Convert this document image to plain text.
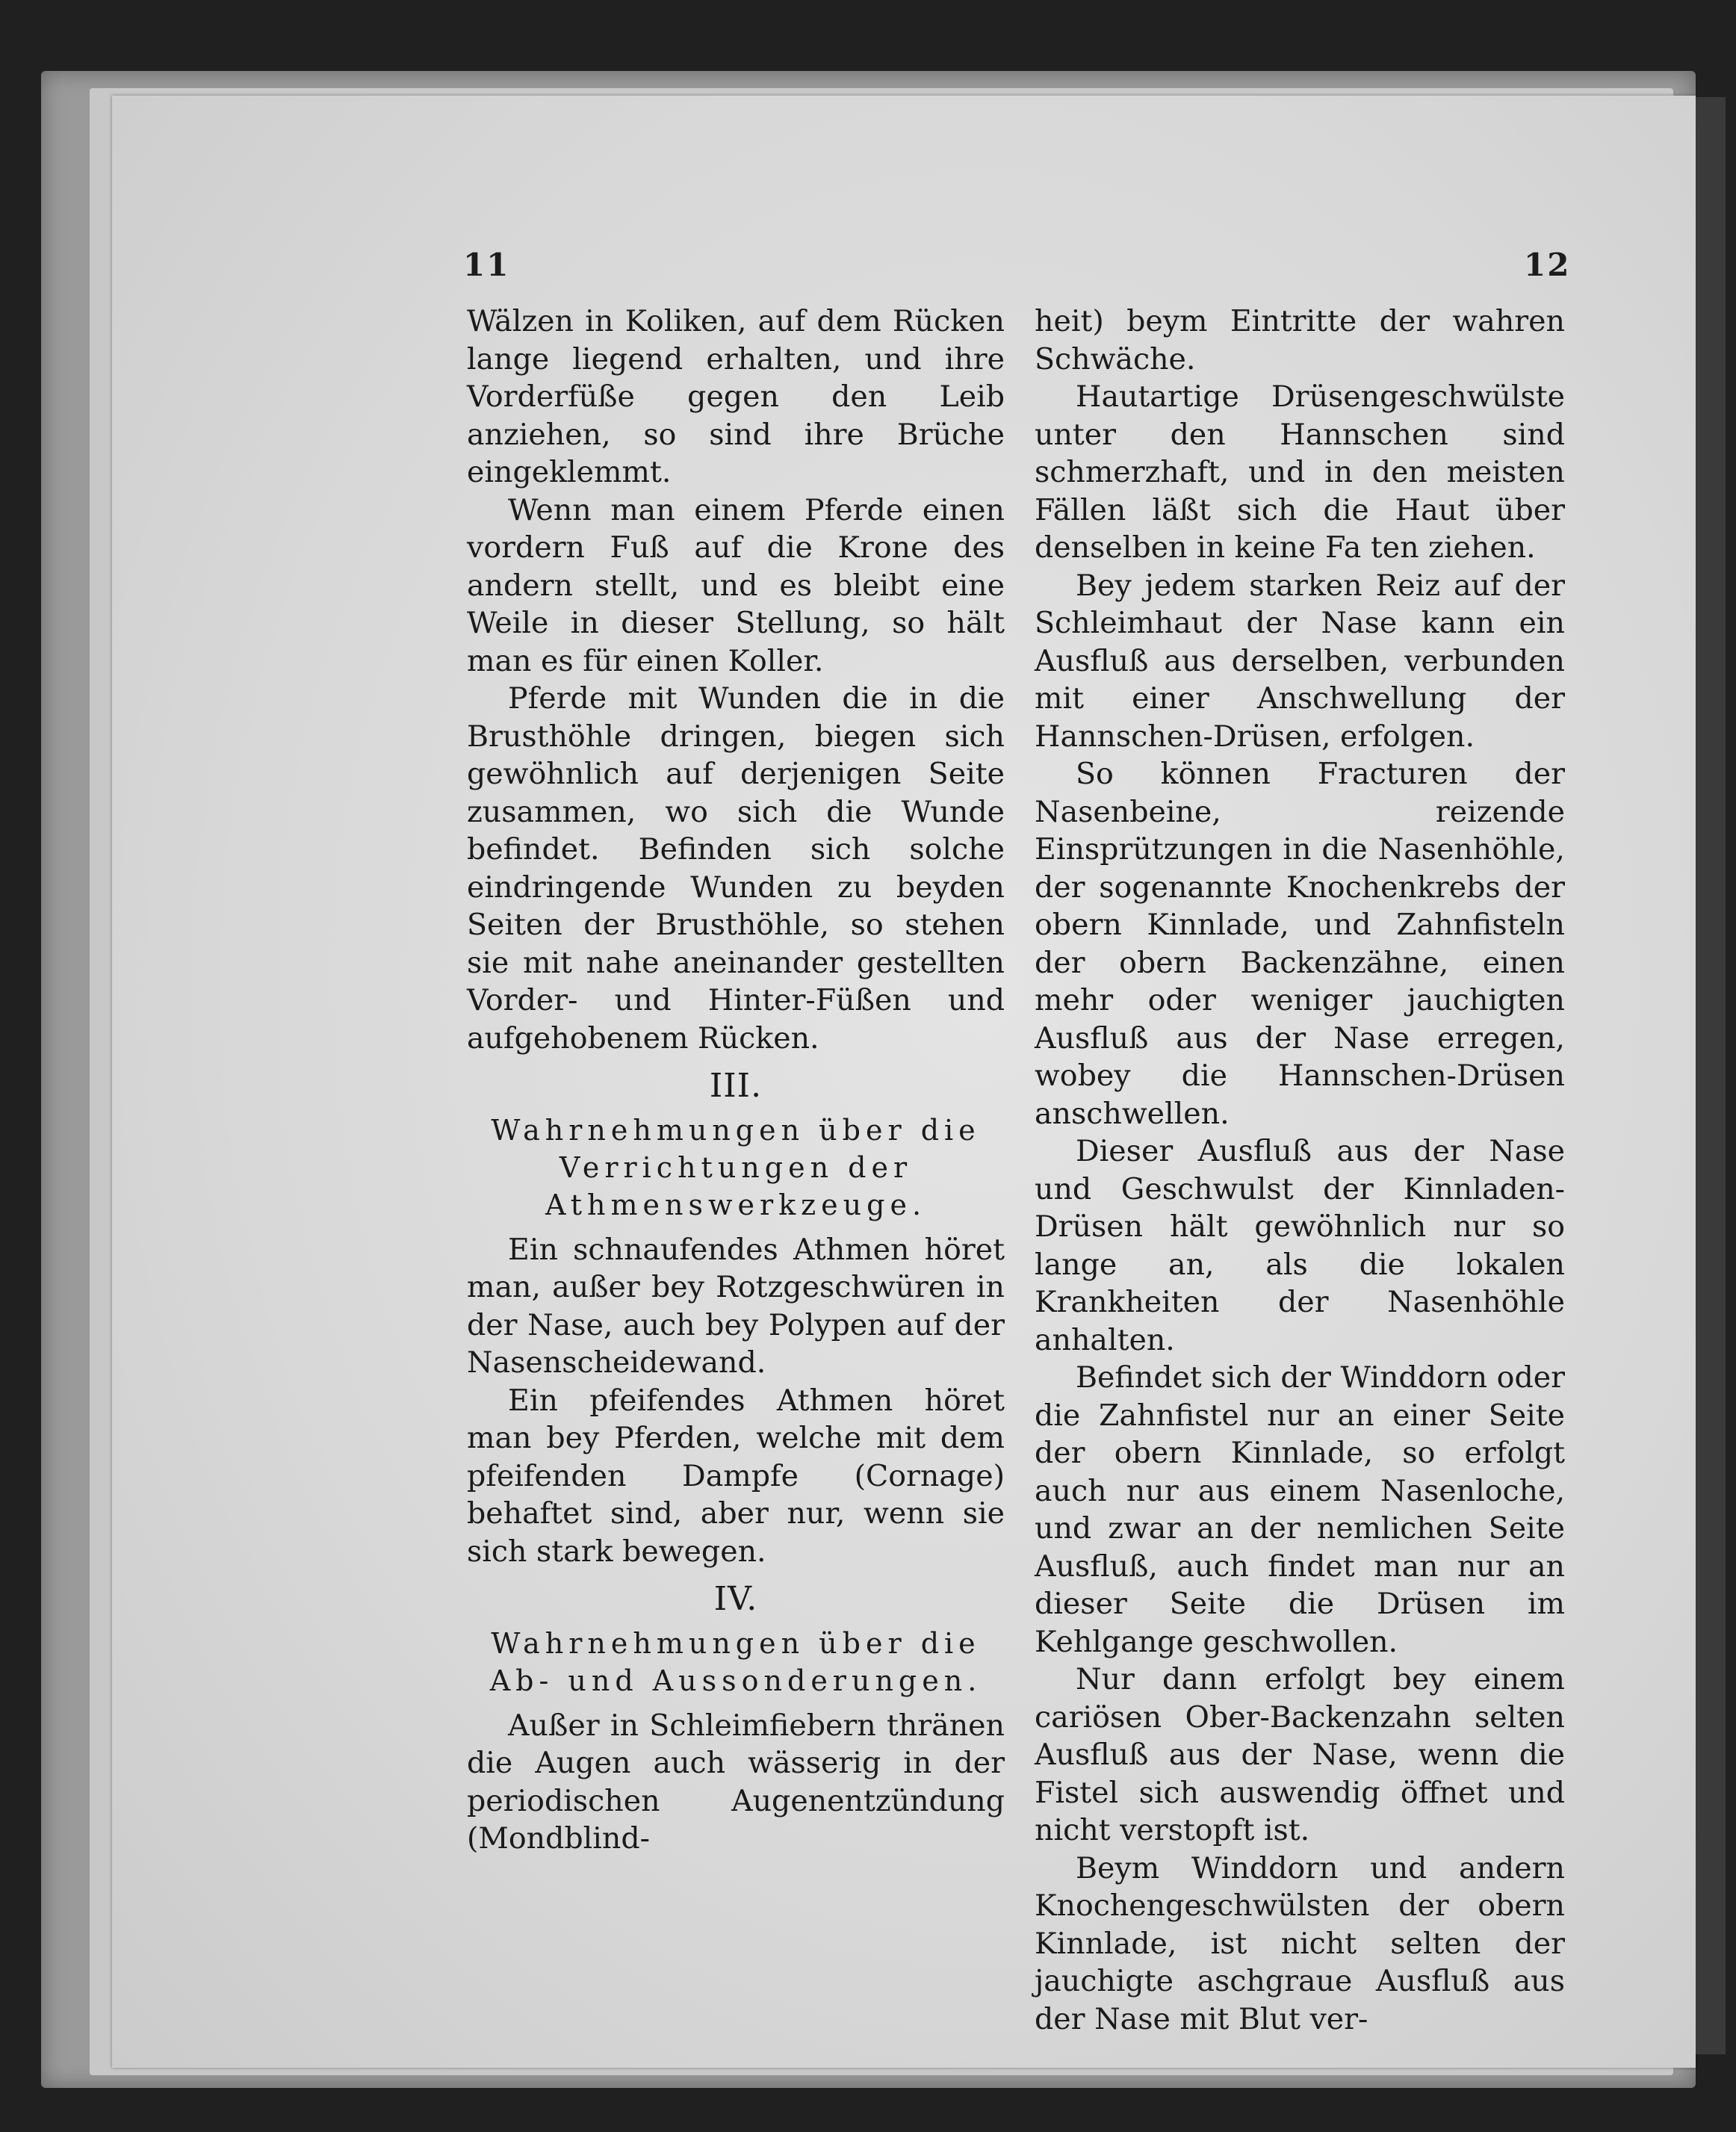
11	12
Wälzen in Koliken, auf dem Rücken lange liegend erhalten, und ihre Vorderfüße gegen den Leib anziehen, so sind ihre Brüche eingeklemmt.
Wenn man einem Pferde einen vordern Fuß auf die Krone des andern stellt, und es bleibt eine Weile in dieser Stellung, so hält man es für einen Koller.
Pferde mit Wunden die in die Brusthöhle dringen, biegen sich gewöhnlich auf derjenigen Seite zusammen, wo sich die Wunde befindet. Befinden sich solche eindringende Wunden zu beyden Seiten der Brusthöhle, so stehen sie mit nahe aneinander gestellten Vorder- und Hinter-Füßen und aufgehobenem Rücken.
III.
Wahrnehmungen über die Verrichtungen der Athmenswerkzeuge.
Ein schnaufendes Athmen höret man, außer bey Rotzgeschwüren in der Nase, auch bey Polypen auf der Nasenscheidewand.
Ein pfeifendes Athmen höret man bey Pferden, welche mit dem pfeifenden Dampfe (Cornage) behaftet sind, aber nur, wenn sie sich stark bewegen.
IV.
Wahrnehmungen über die Ab- und Aussonderungen.
Außer in Schleimfiebern thränen die Augen auch wässerig in der periodischen Augenentzündung (Mondblind-
heit) beym Eintritte der wahren Schwäche.
Hautartige Drüsengeschwülste unter den Hannschen sind schmerzhaft, und in den meisten Fällen läßt sich die Haut über denselben in keine Fa ten ziehen.
Bey jedem starken Reiz auf der Schleimhaut der Nase kann ein Ausfluß aus derselben, verbunden mit einer Anschwellung der Hannschen-Drüsen, erfolgen.
So können Fracturen der Nasenbeine, reizende Einsprützungen in die Nasenhöhle, der sogenannte Knochenkrebs der obern Kinnlade, und Zahnfisteln der obern Backenzähne, einen mehr oder weniger jauchigten Ausfluß aus der Nase erregen, wobey die Hannschen-Drüsen anschwellen.
Dieser Ausfluß aus der Nase und Geschwulst der Kinnladen-Drüsen hält gewöhnlich nur so lange an, als die lokalen Krankheiten der Nasenhöhle anhalten.
Befindet sich der Winddorn oder die Zahnfistel nur an einer Seite der obern Kinnlade, so erfolgt auch nur aus einem Nasenloche, und zwar an der nemlichen Seite Ausfluß, auch findet man nur an dieser Seite die Drüsen im Kehlgange geschwollen.
Nur dann erfolgt bey einem cariösen Ober-Backenzahn selten Ausfluß aus der Nase, wenn die Fistel sich auswendig öffnet und nicht verstopft ist.
Beym Winddorn und andern Knochengeschwülsten der obern Kinnlade, ist nicht selten der jauchigte aschgraue Ausfluß aus der Nase mit Blut ver-
